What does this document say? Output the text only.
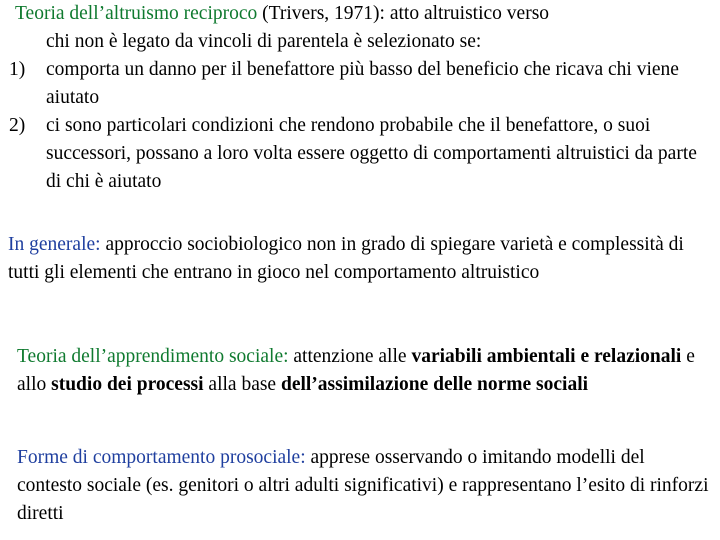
Teoria dell’altruismo reciproco (Trivers, 1971): atto altruistico verso

chi non è legato da vincoli di parentela è selezionato se:

1)	comporta un danno per il benefattore più basso del beneficio che ricava chi viene aiutato
2)	ci sono particolari condizioni che rendono probabile che il benefattore, o suoi successori, possano a loro volta essere oggetto di comportamenti altruistici da parte di chi è aiutato

In generale: approccio sociobiologico non in grado di spiegare varietà e complessità di tutti gli elementi che entrano in gioco nel comportamento altruistico

Teoria dell’apprendimento sociale: attenzione alle variabili ambientali e relazionali e allo studio dei processi alla base dell’assimilazione delle norme sociali

Forme di comportamento prosociale: apprese osservando o imitando modelli del contesto sociale (es. genitori o altri adulti significativi) e rappresentano l’esito di rinforzi diretti
